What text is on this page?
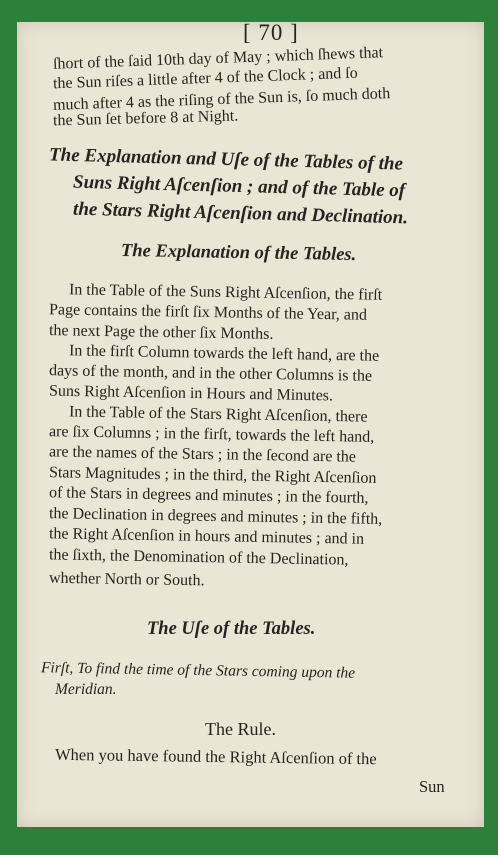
[ 70 ]
ſhort of the ſaid 10th day of May ; which ſhews that
the Sun riſes a little after 4 of the Clock ; and ſo
much after 4 as the riſing of the Sun is, ſo much doth
the Sun ſet before 8 at Night.
The Explanation and Uſe of the Tables of the
Suns Right Aſcenſion ; and of the Table of
the Stars Right Aſcenſion and Declination.
The Explanation of the Tables.
In the Table of the Suns Right Aſcenſion, the firſt
Page contains the firſt ſix Months of the Year, and
the next Page the other ſix Months.
In the firſt Column towards the left hand, are the
days of the month, and in the other Columns is the
Suns Right Aſcenſion in Hours and Minutes.
In the Table of the Stars Right Aſcenſion, there
are ſix Columns ; in the firſt, towards the left hand,
are the names of the Stars ; in the ſecond are the
Stars Magnitudes ; in the third, the Right Aſcenſion
of the Stars in degrees and minutes ; in the fourth,
the Declination in degrees and minutes ; in the fifth,
the Right Aſcenſion in hours and minutes ; and in
the ſixth, the Denomination of the Declination,
whether North or South.
The Uſe of the Tables.
Firſt, To find the time of the Stars coming upon the
Meridian.
The Rule.
When you have found the Right Aſcenſion of the
Sun
